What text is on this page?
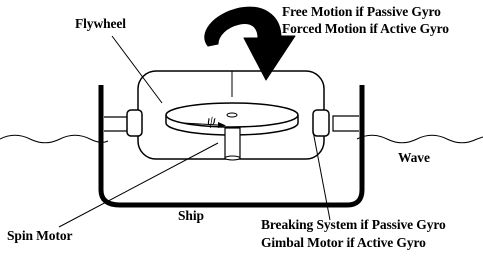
Flywheel
Free Motion if Passive Gyro
Forced Motion if Active Gyro
ψ
Wave
Ship
Spin Motor
Breaking System if Passive Gyro
Gimbal Motor if Active Gyro
